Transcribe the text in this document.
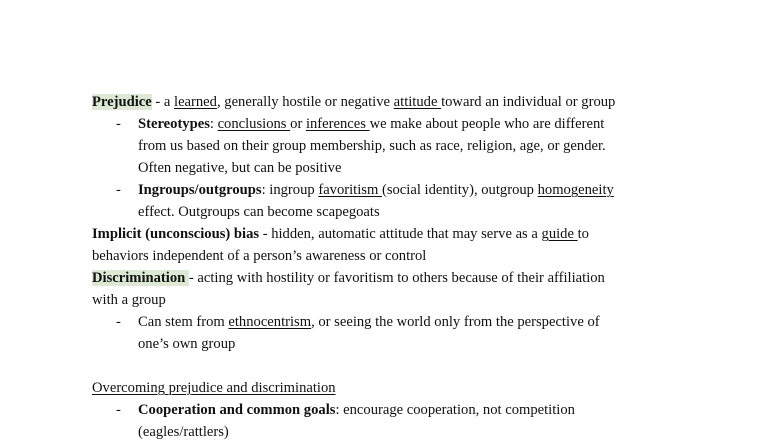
Prejudice - a learned, generally hostile or negative attitude toward an individual or group
- Stereotypes: conclusions or inferences we make about people who are different
from us based on their group membership, such as race, religion, age, or gender.
Often negative, but can be positive
- Ingroups/outgroups: ingroup favoritism (social identity), outgroup homogeneity
effect. Outgroups can become scapegoats
Implicit (unconscious) bias - hidden, automatic attitude that may serve as a guide to
behaviors independent of a person’s awareness or control
Discrimination - acting with hostility or favoritism to others because of their affiliation
with a group
- Can stem from ethnocentrism, or seeing the world only from the perspective of
one’s own group
Overcoming prejudice and discrimination
- Cooperation and common goals: encourage cooperation, not competition
(eagles/rattlers)
